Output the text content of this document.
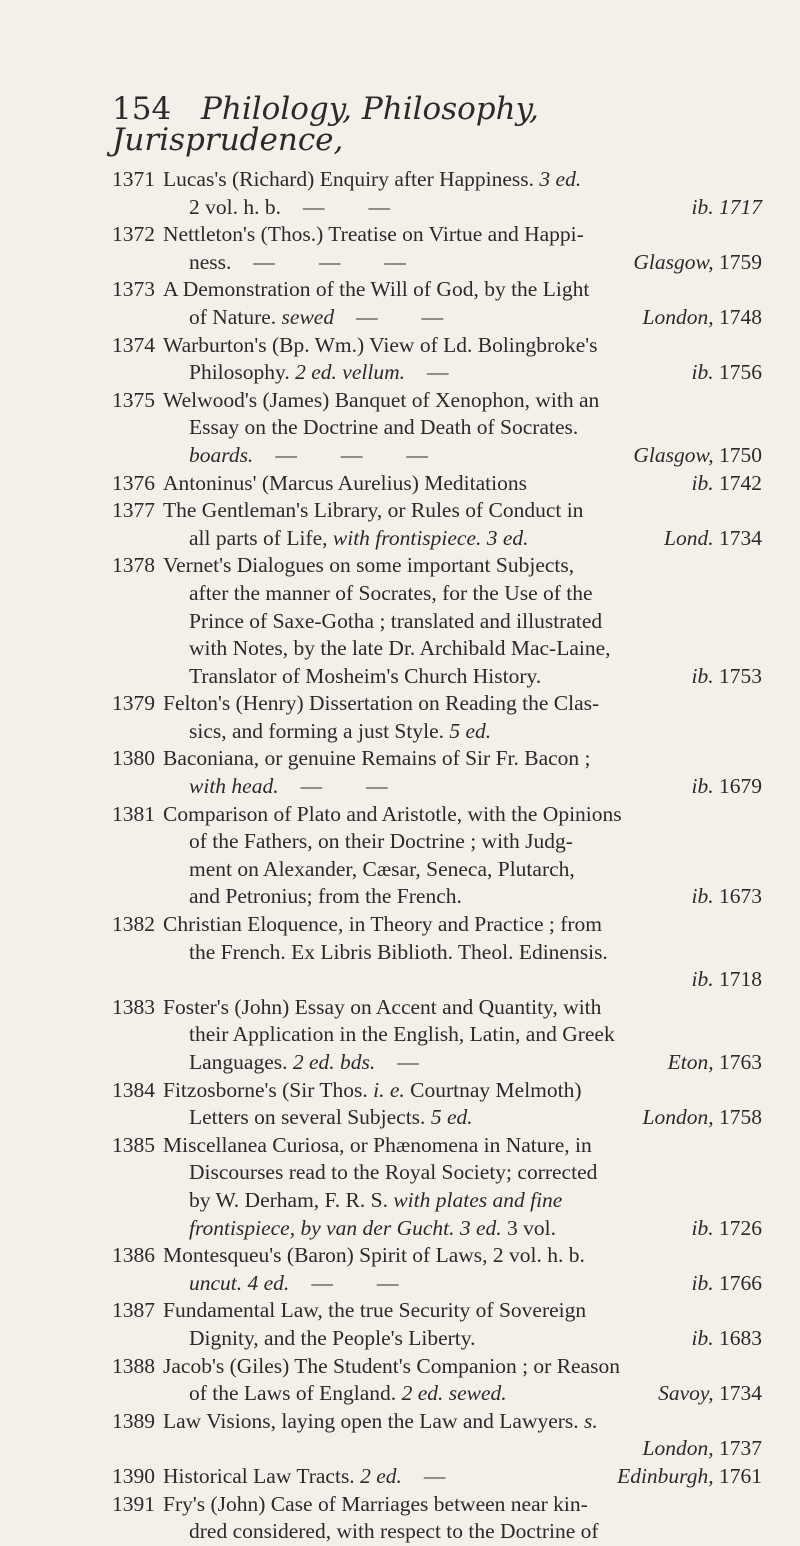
154 Philology, Philosophy, Jurisprudence,
1371 Lucas's (Richard) Enquiry after Happiness. 3 ed.
2 vol. h. b. — —	ib. 1717
1372 Nettleton's (Thos.) Treatise on Virtue and Happi-
ness. — — —	Glasgow, 1759
1373 A Demonstration of the Will of God, by the Light
of Nature. sewed — —	London, 1748
1374 Warburton's (Bp. Wm.) View of Ld. Bolingbroke's
Philosophy. 2 ed. vellum. —	ib. 1756
1375 Welwood's (James) Banquet of Xenophon, with an
Essay on the Doctrine and Death of Socrates.
boards. — — —	Glasgow, 1750
1376 Antoninus' (Marcus Aurelius) Meditations	ib. 1742
1377 The Gentleman's Library, or Rules of Conduct in
all parts of Life, with frontispiece. 3 ed.	Lond. 1734
1378 Vernet's Dialogues on some important Subjects,
after the manner of Socrates, for the Use of the
Prince of Saxe-Gotha ; translated and illustrated
with Notes, by the late Dr. Archibald Mac-Laine,
Translator of Mosheim's Church History.	ib. 1753
1379 Felton's (Henry) Dissertation on Reading the Clas-
sics, and forming a just Style. 5 ed.
1380 Baconiana, or genuine Remains of Sir Fr. Bacon ;
with head. — —	ib. 1679
1381 Comparison of Plato and Aristotle, with the Opinions
of the Fathers, on their Doctrine ; with Judg-
ment on Alexander, Cæsar, Seneca, Plutarch,
and Petronius; from the French.	ib. 1673
1382 Christian Eloquence, in Theory and Practice ; from
the French. Ex Libris Biblioth. Theol. Edinensis.

ib. 1718
1383 Foster's (John) Essay on Accent and Quantity, with
their Application in the English, Latin, and Greek
Languages. 2 ed. bds. —	Eton, 1763
1384 Fitzosborne's (Sir Thos. i. e. Courtnay Melmoth)
Letters on several Subjects. 5 ed.	London, 1758
1385 Miscellanea Curiosa, or Phænomena in Nature, in
Discourses read to the Royal Society; corrected
by W. Derham, F. R. S. with plates and fine
frontispiece, by van der Gucht. 3 ed. 3 vol.	ib. 1726
1386 Montesqueu's (Baron) Spirit of Laws, 2 vol. h. b.
uncut. 4 ed. — —	ib. 1766
1387 Fundamental Law, the true Security of Sovereign
Dignity, and the People's Liberty.	ib. 1683
1388 Jacob's (Giles) The Student's Companion ; or Reason
of the Laws of England. 2 ed. sewed.	Savoy, 1734
1389 Law Visions, laying open the Law and Lawyers. s.

London, 1737
1390 Historical Law Tracts. 2 ed. —	Edinburgh, 1761
1391 Fry's (John) Case of Marriages between near kin-
dred considered, with respect to the Doctrine of
